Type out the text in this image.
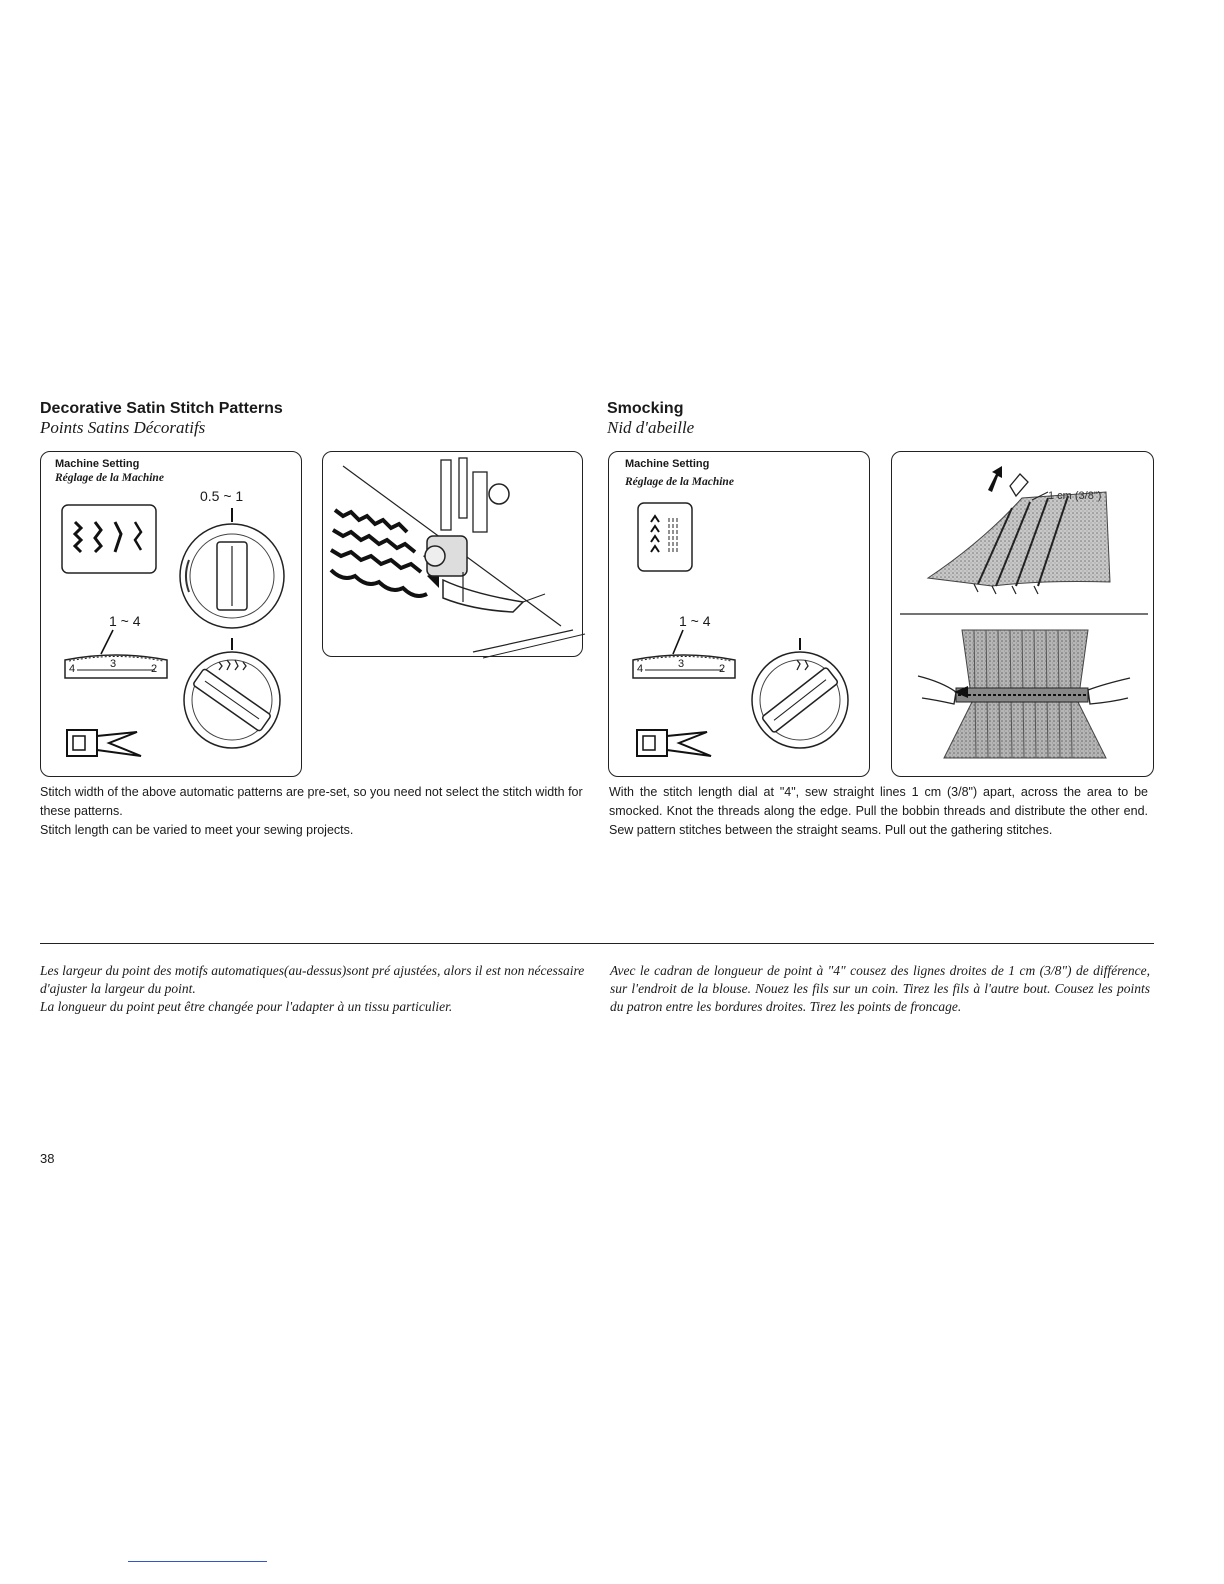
Decorative Satin Stitch Patterns
Points Satins Décoratifs
Machine Setting
Réglage de la Machine
0.5 ~ 1
1 ~ 4
4	3	2

Stitch width of the above automatic patterns are pre-set, so you need not select the stitch width for these patterns.

Stitch length can be varied to meet your sewing projects.

Smocking
Nid d'abeille
Machine Setting
Réglage de la Machine
1 ~ 4
4	3	2
1 cm (3/8")
With the stitch length dial at "4", sew straight lines 1 cm (3/8") apart, across the area to be smocked. Knot the threads along the edge. Pull the bobbin threads and distribute the other end. Sew pattern stitches between the straight seams. Pull out the gathering stitches.

Les largeur du point des motifs automatiques(au-dessus)sont pré ajustées, alors il est non nécessaire d'ajuster la largeur du point.

La longueur du point peut être changée pour l'adapter à un tissu particulier.

Avec le cadran de longueur de point à "4" cousez des lignes droites de 1 cm (3/8") de différence, sur l'endroit de la blouse. Nouez les fils sur un coin. Tirez les fils à l'autre bout. Cousez les points du patron entre les bordures droites. Tirez les points de froncage.
38
